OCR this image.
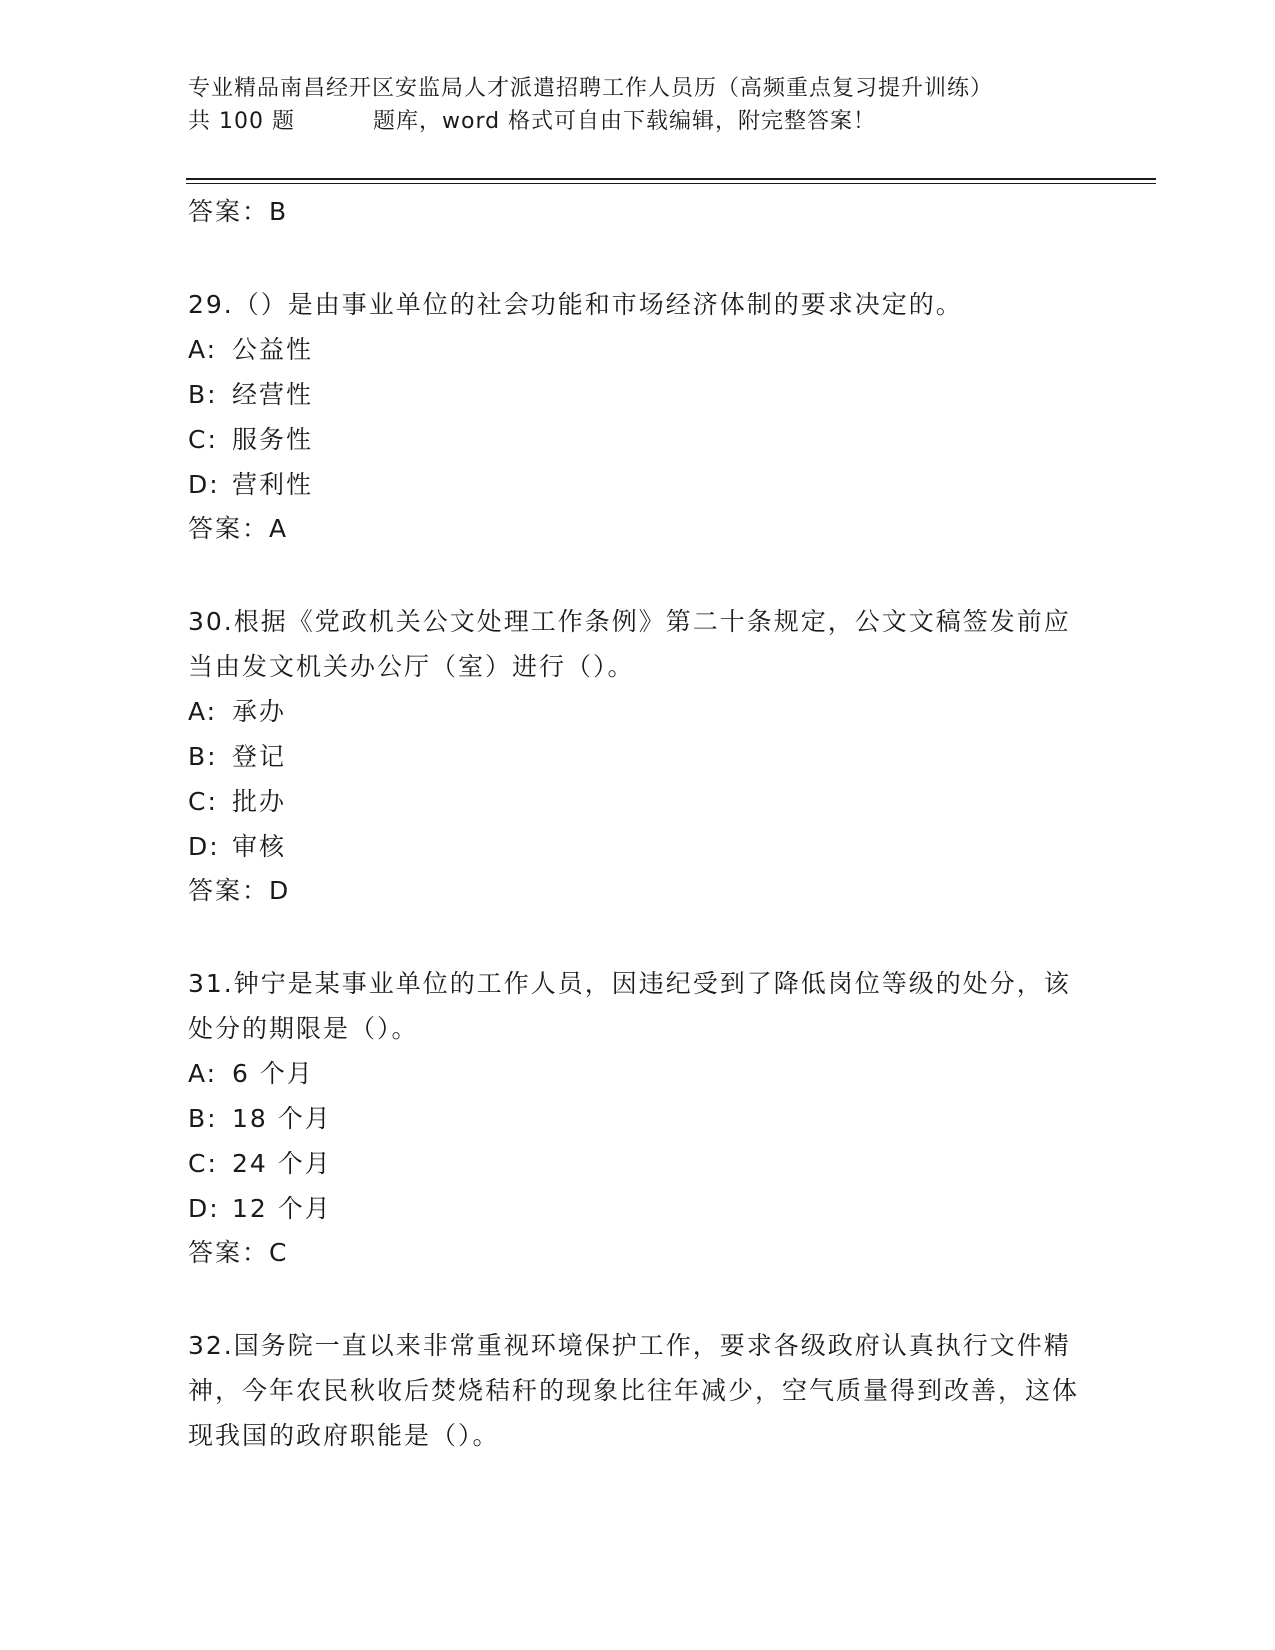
专业精品南昌经开区安监局人才派遣招聘工作人员历（高频重点复习提升训练）
共 100 题	题库，word 格式可自由下载编辑，附完整答案！
答案：B
29.（）是由事业单位的社会功能和市场经济体制的要求决定的。
A: 公益性
B: 经营性
C: 服务性
D: 营利性
答案：A
30.根据《党政机关公文处理工作条例》第二十条规定，公文文稿签发前应当由发文机关办公厅（室）进行（）。
A: 承办
B: 登记
C: 批办
D: 审核
答案：D
31.钟宁是某事业单位的工作人员，因违纪受到了降低岗位等级的处分，该处分的期限是（）。
A: 6 个月
B: 18 个月
C: 24 个月
D: 12 个月
答案：C
32.国务院一直以来非常重视环境保护工作，要求各级政府认真执行文件精神，今年农民秋收后焚烧秸秆的现象比往年减少，空气质量得到改善，这体现我国的政府职能是（）。
